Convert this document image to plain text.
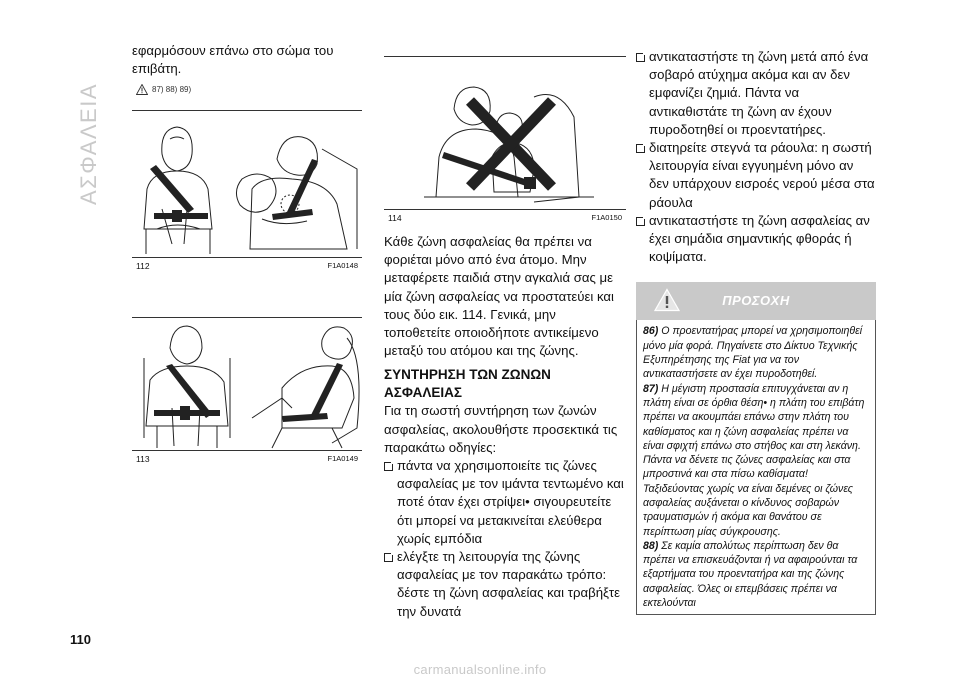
ΑΣΦΑΛΕΙΑ

εφαρμόσουν επάνω στο σώμα του επιβάτη.

87) 88) 89)
112	F1A0148
113	F1A0149
114	F1A0150

Κάθε ζώνη ασφαλείας θα πρέπει να φοριέται μόνο από ένα άτομο. Μην μεταφέρετε παιδιά στην αγκαλιά σας με μία ζώνη ασφαλείας να προστατεύει και τους δύο εικ. 114. Γενικά, μην τοποθετείτε οποιοδήποτε αντικείμενο μεταξύ του ατόμου και της ζώνης.

ΣΥΝΤΗΡΗΣΗ ΤΩΝ ΖΩΝΩΝ ΑΣΦΑΛΕΙΑΣ

Για τη σωστή συντήρηση των ζωνών ασφαλείας, ακολουθήστε προσεκτικά τις παρακάτω οδηγίες:

πάντα να χρησιμοποιείτε τις ζώνες ασφαλείας με τον ιμάντα τεντωμένο και ποτέ όταν έχει στρίψει• σιγουρευτείτε ότι μπορεί να μετακινείται ελεύθερα χωρίς εμπόδια
ελέγξτε τη λειτουργία της ζώνης ασφαλείας με τον παρακάτω τρόπο: δέστε τη ζώνη ασφαλείας και τραβήξτε την δυνατά
αντικαταστήστε τη ζώνη μετά από ένα σοβαρό ατύχημα ακόμα και αν δεν εμφανίζει ζημιά. Πάντα να αντικαθιστάτε τη ζώνη αν έχουν πυροδοτηθεί οι προεντατήρες.
διατηρείτε στεγνά τα ράουλα: η σωστή λειτουργία είναι εγγυημένη μόνο αν δεν υπάρχουν εισροές νερού μέσα στα ράουλα
αντικαταστήστε τη ζώνη ασφαλείας αν έχει σημάδια σημαντικής φθοράς ή κοψίματα.
ΠΡΟΣΟΧΗ

86) Ο προεντατήρας μπορεί να χρησιμοποιηθεί μόνο μία φορά. Πηγαίνετε στο Δίκτυο Τεχνικής Εξυπηρέτησης της Fiat για να τον αντικαταστήσετε αν έχει πυροδοτηθεί.

87) Η μέγιστη προστασία επιτυγχάνεται αν η πλάτη είναι σε όρθια θέση• η πλάτη του επιβάτη πρέπει να ακουμπάει επάνω στην πλάτη του καθίσματος και η ζώνη ασφαλείας πρέπει να είναι σφιχτή επάνω στο στήθος και στη λεκάνη. Πάντα να δένετε τις ζώνες ασφαλείας και στα μπροστινά και στα πίσω καθίσματα! Ταξιδεύοντας χωρίς να είναι δεμένες οι ζώνες ασφαλείας αυξάνεται ο κίνδυνος σοβαρών τραυματισμών ή ακόμα και θανάτου σε περίπτωση μίας σύγκρουσης.

88) Σε καμία απολύτως περίπτωση δεν θα πρέπει να επισκευάζονται ή να αφαιρούνται τα εξαρτήματα του προεντατήρα και της ζώνης ασφαλείας. Όλες οι επεμβάσεις πρέπει να εκτελούνται

110
carmanualsonline.info
